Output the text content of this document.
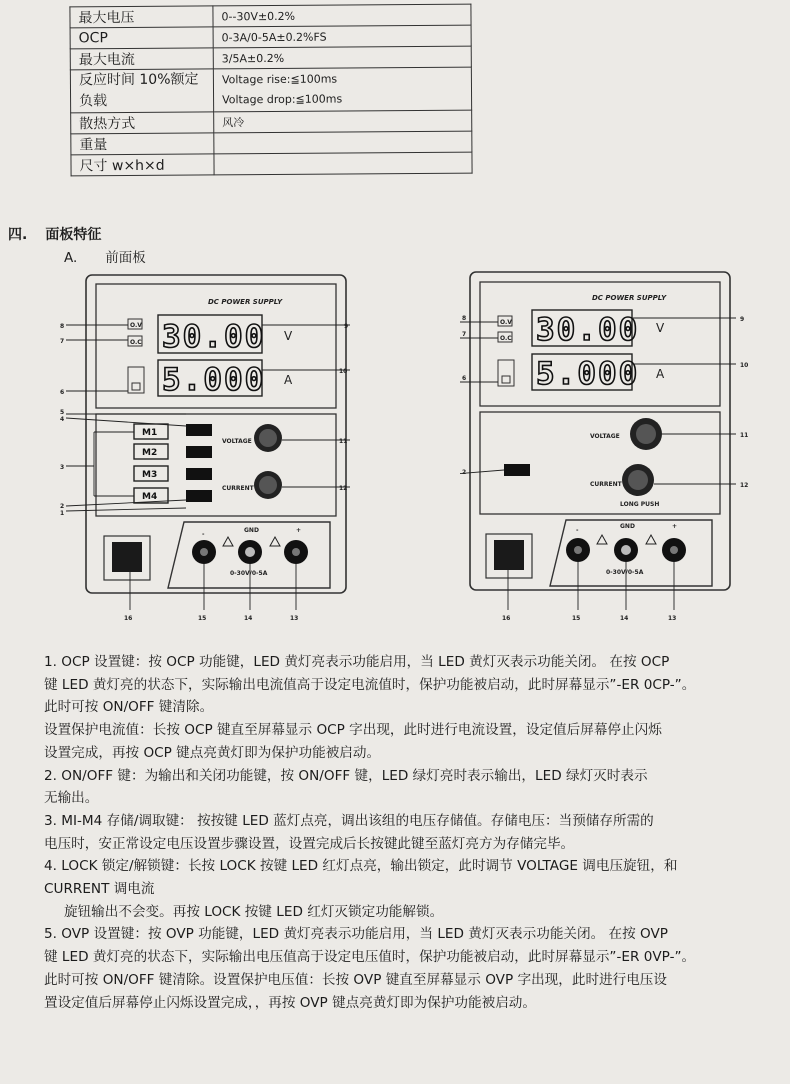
最大电压	0--30V±0.2%
OCP	0-3A/0-5A±0.2%FS
最大电流	3/5A±0.2%

反应时间 10%额定
负载	Voltage rise:≦100ms
Voltage drop:≦100ms

散热方式	风冷
重量	
尺寸 w×h×d	
四. 面板特征
A. 前面板
DC POWER SUPPLY
O.V
O.C 30.00 V
5.000 A
M1
M2
M3
M4
VOLTAGE
CURRENT
-
GND	+
0-30V/0-5A
8
7
6
5
4
3
2
1
9
10
11
12
16	15	14	13
DC POWER SUPPLY
O.V
O.C 30.00 V
5.000 A
VOLTAGE
CURRENT
LONG PUSH
-
GND	+
0-30V/0-5A
8
7
6
2
9
10
11
12
16	15	14	13

1. OCP 设置键：按 OCP 功能键，LED 黄灯亮表示功能启用，当 LED 黄灯灭表示功能关闭。 在按 OCP

键 LED 黄灯亮的状态下，实际输出电流值高于设定电流值时，保护功能被启动，此时屏幕显示”-ER 0CP-”。

此时可按 ON/OFF 键清除。

设置保护电流值：长按 OCP 键直至屏幕显示 OCP 字出现，此时进行电流设置，设定值后屏幕停止闪烁

设置完成，再按 OCP 键点亮黄灯即为保护功能被启动。

2. ON/OFF 键：为输出和关闭功能键，按 ON/OFF 键，LED 绿灯亮时表示输出，LED 绿灯灭时表示

无输出。

3. MI-M4 存储/调取键： 按按键 LED 蓝灯点亮，调出该组的电压存储值。存储电压：当预储存所需的

电压时，安正常设定电压设置步骤设置，设置完成后长按键此键至蓝灯亮方为存储完毕。

4. LOCK 锁定/解锁键：长按 LOCK 按键 LED 红灯点亮，输出锁定，此时调节 VOLTAGE 调电压旋钮，和

CURRENT 调电流

旋钮输出不会变。再按 LOCK 按键 LED 红灯灭锁定功能解锁。

5. OVP 设置键：按 OVP 功能键，LED 黄灯亮表示功能启用，当 LED 黄灯灭表示功能关闭。 在按 OVP

键 LED 黄灯亮的状态下，实际输出电压值高于设定电压值时，保护功能被启动，此时屏幕显示”-ER 0VP-”。

此时可按 ON/OFF 键清除。设置保护电压值：长按 OVP 键直至屏幕显示 OVP 字出现，此时进行电压设

置设定值后屏幕停止闪烁设置完成，，再按 OVP 键点亮黄灯即为保护功能被启动。
